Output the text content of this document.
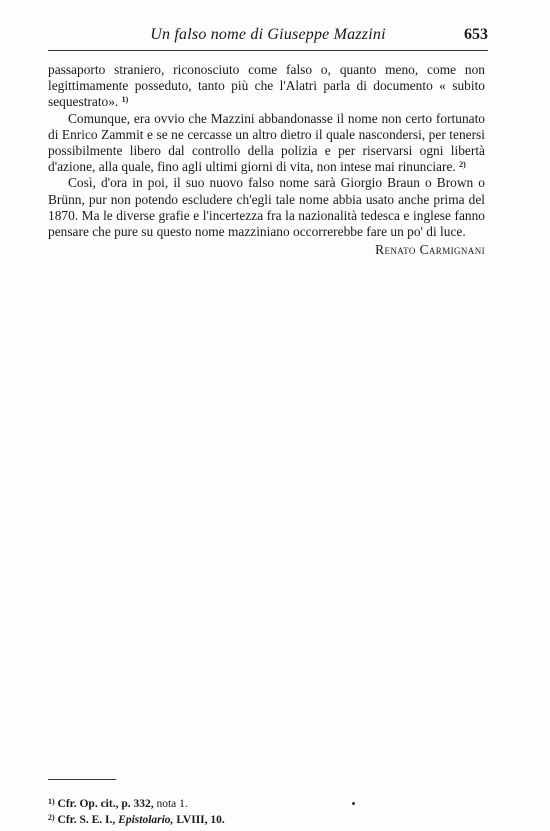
Un falso nome di Giuseppe Mazzini	653

passaporto straniero, riconosciuto come falso o, quanto meno, come non legittimamente posseduto, tanto più che l'Alatri parla di documento « subito sequestrato». $^{1)}$

Comunque, era ovvio che Mazzini abbandonasse il nome non certo fortunato di Enrico Zammit e se ne cercasse un altro dietro il quale nascondersi, per tenersi possibilmente libero dal controllo della polizia e per riservarsi ogni libertà d'azione, alla quale, fino agli ultimi giorni di vita, non intese mai rinunciare. $^{2)}$

Così, d'ora in poi, il suo nuovo falso nome sarà Giorgio Braun o Brown o Brünn, pur non potendo escludere ch'egli tale nome abbia usato anche prima del 1870. Ma le diverse grafie e l'incertezza fra la nazionalità tedesca e inglese fanno pensare che pure su questo nome mazziniano occorrerebbe fare un po' di luce.

Renato Carmignani
$^{1)}$ Cfr. Op. cit., p. 332, nota 1.
$^{2)}$ Cfr. S. E. I., Epistolario, LVIII, 10.
